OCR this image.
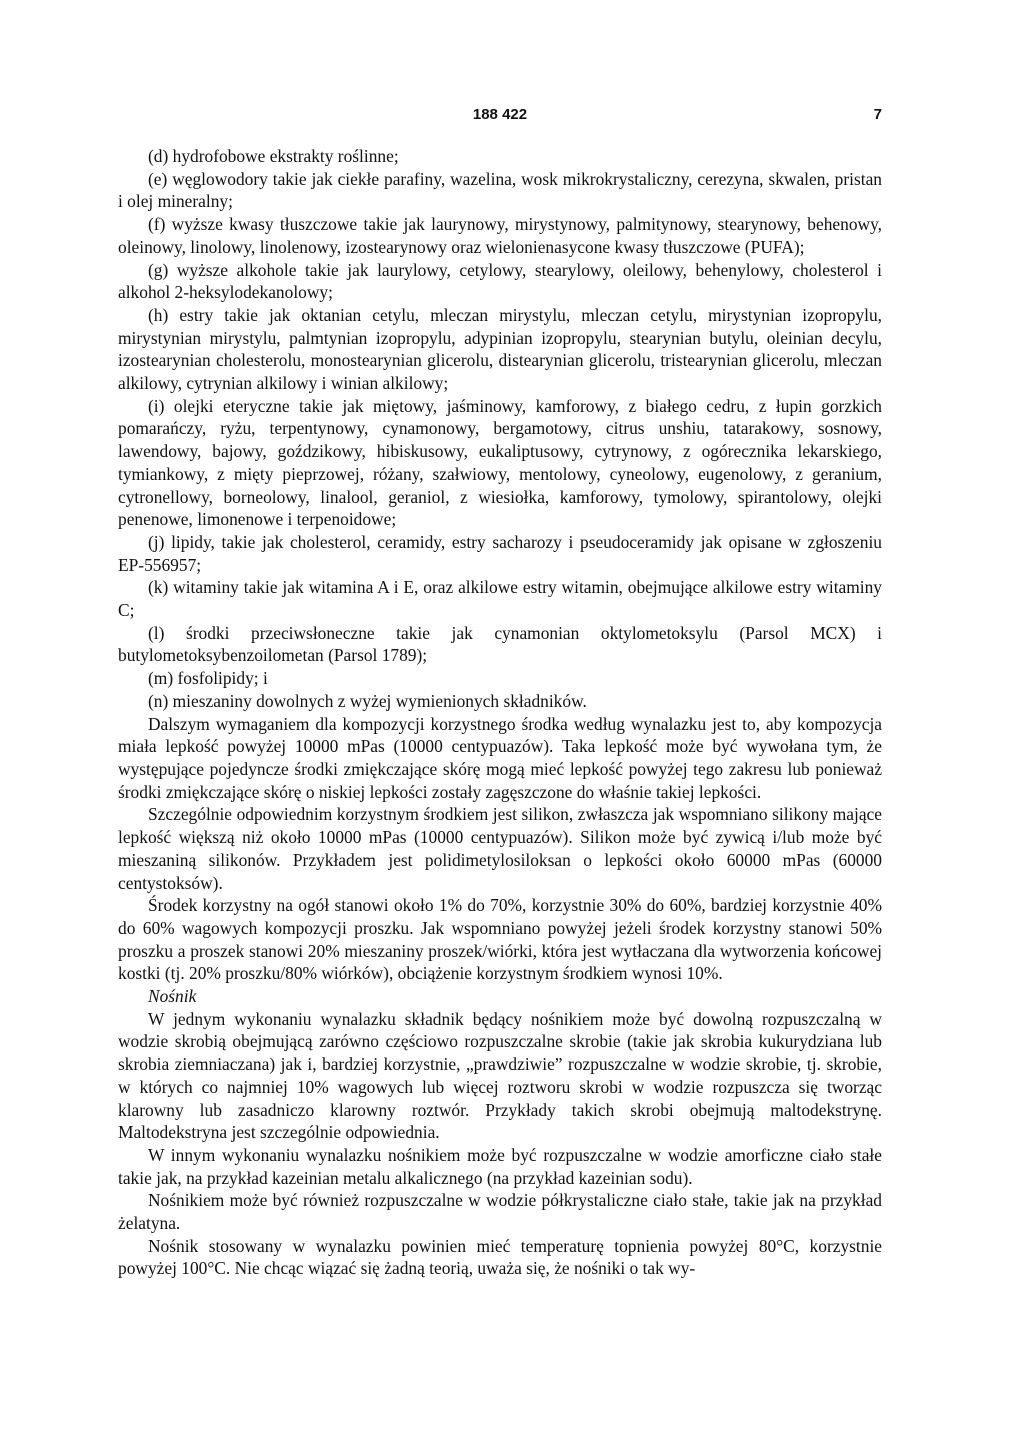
188 422	7

(d) hydrofobowe ekstrakty roślinne;

(e) węglowodory takie jak ciekłe parafiny, wazelina, wosk mikrokrystaliczny, cerezyna, skwalen, pristan i olej mineralny;

(f) wyższe kwasy tłuszczowe takie jak laurynowy, mirystynowy, palmitynowy, stearynowy, behenowy, oleinowy, linolowy, linolenowy, izostearynowy oraz wielonienasycone kwasy tłuszczowe (PUFA);

(g) wyższe alkohole takie jak laurylowy, cetylowy, stearylowy, oleilowy, behenylowy, cholesterol i alkohol 2-heksylodekanolowy;

(h) estry takie jak oktanian cetylu, mleczan mirystylu, mleczan cetylu, mirystynian izopropylu, mirystynian mirystylu, palmtynian izopropylu, adypinian izopropylu, stearynian butylu, oleinian decylu, izostearynian cholesterolu, monostearynian glicerolu, distearynian glicerolu, tristearynian glicerolu, mleczan alkilowy, cytrynian alkilowy i winian alkilowy;

(i) olejki eteryczne takie jak miętowy, jaśminowy, kamforowy, z białego cedru, z łupin gorzkich pomarańczy, ryżu, terpentynowy, cynamonowy, bergamotowy, citrus unshiu, tatarakowy, sosnowy, lawendowy, bajowy, goździkowy, hibiskusowy, eukaliptusowy, cytrynowy, z ogórecznika lekarskiego, tymiankowy, z mięty pieprzowej, różany, szałwiowy, mentolowy, cyneolowy, eugenolowy, z geranium, cytronellowy, borneolowy, linalool, geraniol, z wiesiołka, kamforowy, tymolowy, spirantolowy, olejki penenowe, limonenowe i terpenoidowe;

(j) lipidy, takie jak cholesterol, ceramidy, estry sacharozy i pseudoceramidy jak opisane w zgłoszeniu EP-556957;

(k) witaminy takie jak witamina A i E, oraz alkilowe estry witamin, obejmujące alkilowe estry witaminy C;

(l) środki przeciwsłoneczne takie jak cynamonian oktylometoksylu (Parsol MCX) i butylometoksybenzoilometan (Parsol 1789);

(m) fosfolipidy; i

(n) mieszaniny dowolnych z wyżej wymienionych składników.

Dalszym wymaganiem dla kompozycji korzystnego środka według wynalazku jest to, aby kompozycja miała lepkość powyżej 10000 mPas (10000 centypuazów). Taka lepkość może być wywołana tym, że występujące pojedyncze środki zmiękczające skórę mogą mieć lepkość powyżej tego zakresu lub ponieważ środki zmiękczające skórę o niskiej lepkości zostały zagęszczone do właśnie takiej lepkości.

Szczególnie odpowiednim korzystnym środkiem jest silikon, zwłaszcza jak wspomniano silikony mające lepkość większą niż około 10000 mPas (10000 centypuazów). Silikon może być zywicą i/lub może być mieszaniną silikonów. Przykładem jest polidimetylosiloksan o lepkości około 60000 mPas (60000 centystoksów).

Środek korzystny na ogół stanowi około 1% do 70%, korzystnie 30% do 60%, bardziej korzystnie 40% do 60% wagowych kompozycji proszku. Jak wspomniano powyżej jeżeli środek korzystny stanowi 50% proszku a proszek stanowi 20% mieszaniny proszek/wiórki, która jest wytłaczana dla wytworzenia końcowej kostki (tj. 20% proszku/80% wiórków), obciążenie korzystnym środkiem wynosi 10%.

Nośnik

W jednym wykonaniu wynalazku składnik będący nośnikiem może być dowolną rozpuszczalną w wodzie skrobią obejmującą zarówno częściowo rozpuszczalne skrobie (takie jak skrobia kukurydziana lub skrobia ziemniaczana) jak i, bardziej korzystnie, „prawdziwie” rozpuszczalne w wodzie skrobie, tj. skrobie, w których co najmniej 10% wagowych lub więcej roztworu skrobi w wodzie rozpuszcza się tworząc klarowny lub zasadniczo klarowny roztwór. Przykłady takich skrobi obejmują maltodekstrynę. Maltodekstryna jest szczególnie odpowiednia.

W innym wykonaniu wynalazku nośnikiem może być rozpuszczalne w wodzie amorficzne ciało stałe takie jak, na przykład kazeinian metalu alkalicznego (na przykład kazeinian sodu).

Nośnikiem może być również rozpuszczalne w wodzie półkrystaliczne ciało stałe, takie jak na przykład żelatyna.

Nośnik stosowany w wynalazku powinien mieć temperaturę topnienia powyżej 80°C, korzystnie powyżej 100°C. Nie chcąc wiązać się żadną teorią, uważa się, że nośniki o tak wy-
